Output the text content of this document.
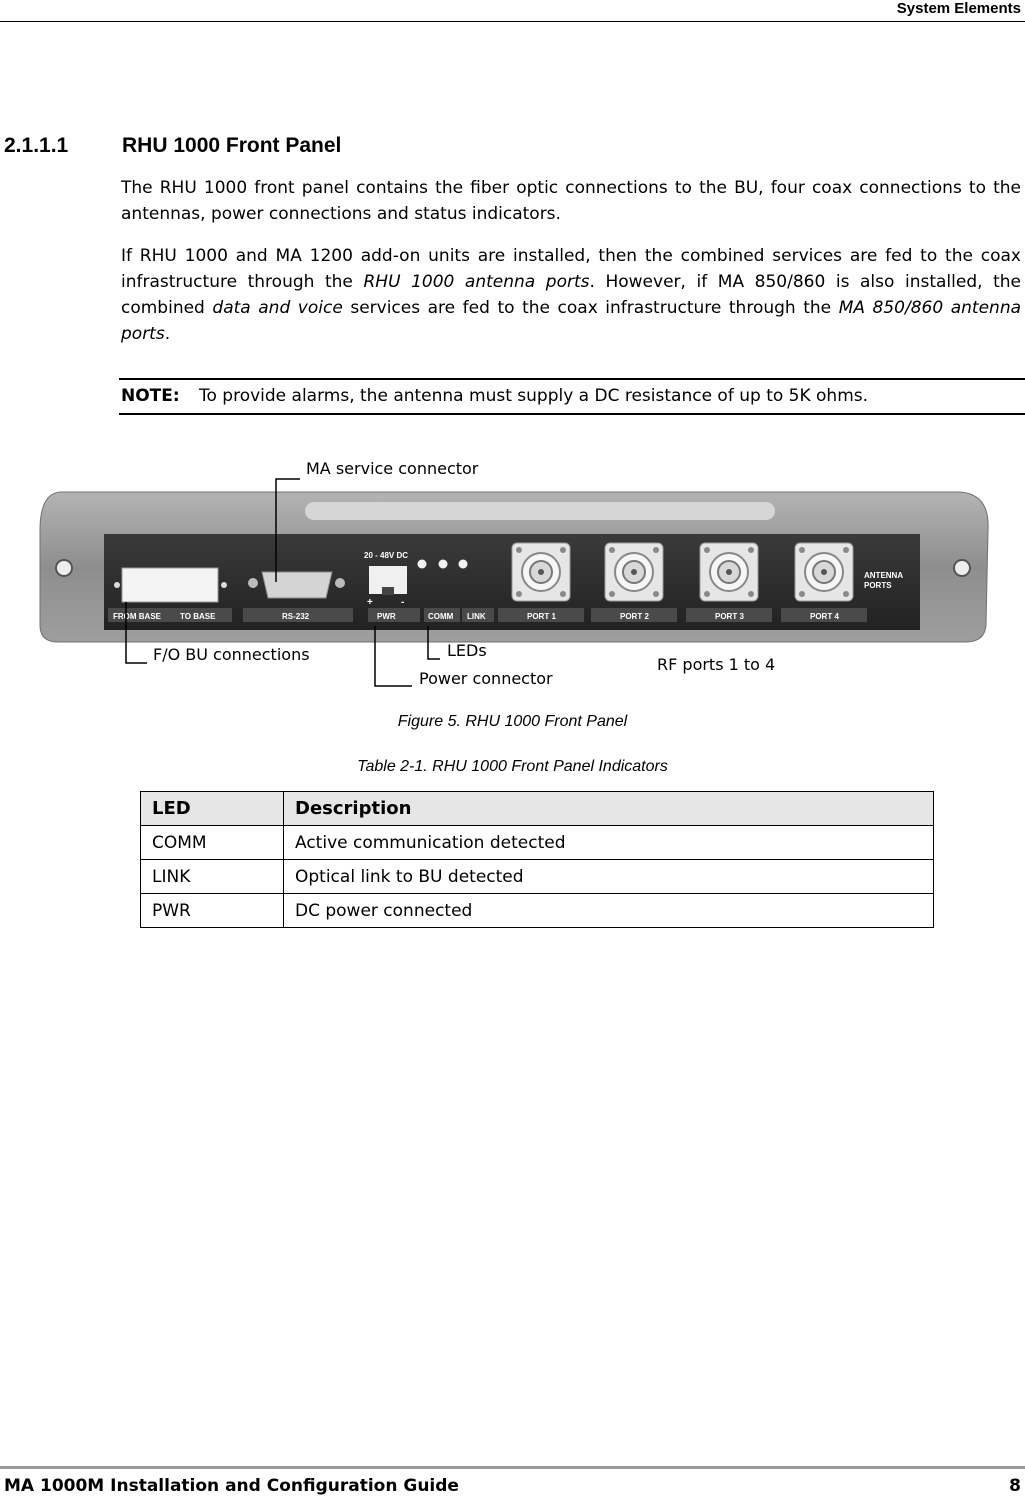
System Elements
2.1.1.1	RHU 1000 Front Panel
The RHU 1000 front panel contains the fiber optic connections to the BU, four coax connections to the antennas, power connections and status indicators.
If RHU 1000 and MA 1200 add-on units are installed, then the combined services are fed to the coax infrastructure through the RHU 1000 antenna ports. However, if MA 850/860 is also installed, the combined data and voice services are fed to the coax infrastructure through the MA 850/860 antenna ports.
NOTE: To provide alarms, the antenna must supply a DC resistance of up to 5K ohms.
FROM BASE TO BASE	RS-232
20 - 48V DC
+	-
PWR	COMM LINK	PORT 1	PORT 2	PORT 3	PORT 4
ANTENNA
PORTS
MA service connector
F/O BU connections	LEDs
Power connector
RF ports 1 to 4
Figure 5. RHU 1000 Front Panel
Table 2-1. RHU 1000 Front Panel Indicators
LED	Description
COMM	Active communication detected
LINK	Optical link to BU detected
PWR	DC power connected
MA 1000M Installation and Configuration Guide	8
